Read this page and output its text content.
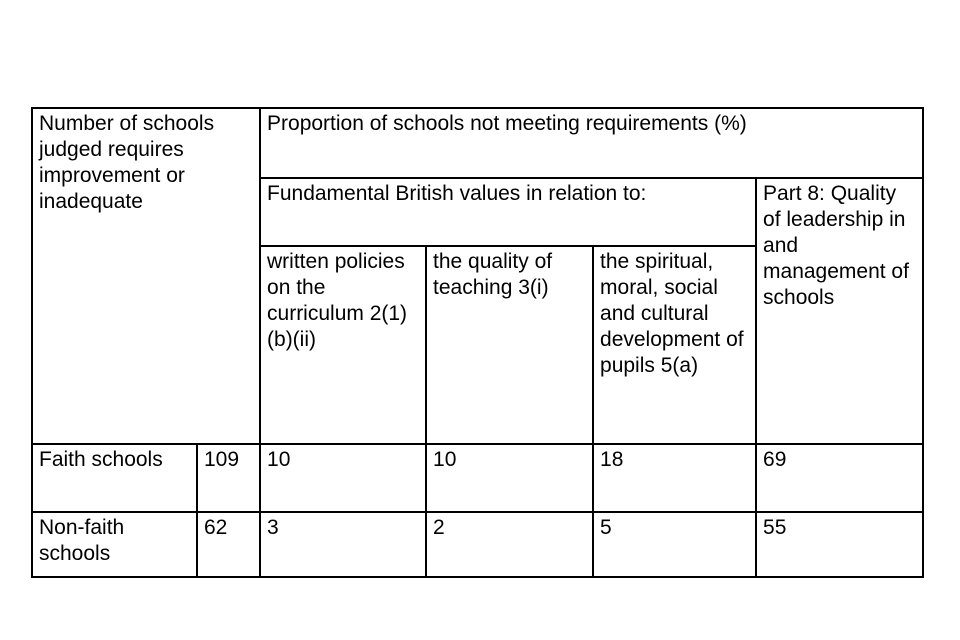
Number of schools judged requires improvement or inadequate		Proportion of schools not meeting requirements (%)			
		Fundamental British values in relation to:			Part 8: Quality of leadership in and management of schools
		written policies on the curriculum 2(1)(b)(ii)	the quality of teaching 3(i)	the spiritual, moral, social and cultural development of pupils 5(a)	
Faith schools	109	10	10	18	69
Non-faith schools	62	3	2	5	55
